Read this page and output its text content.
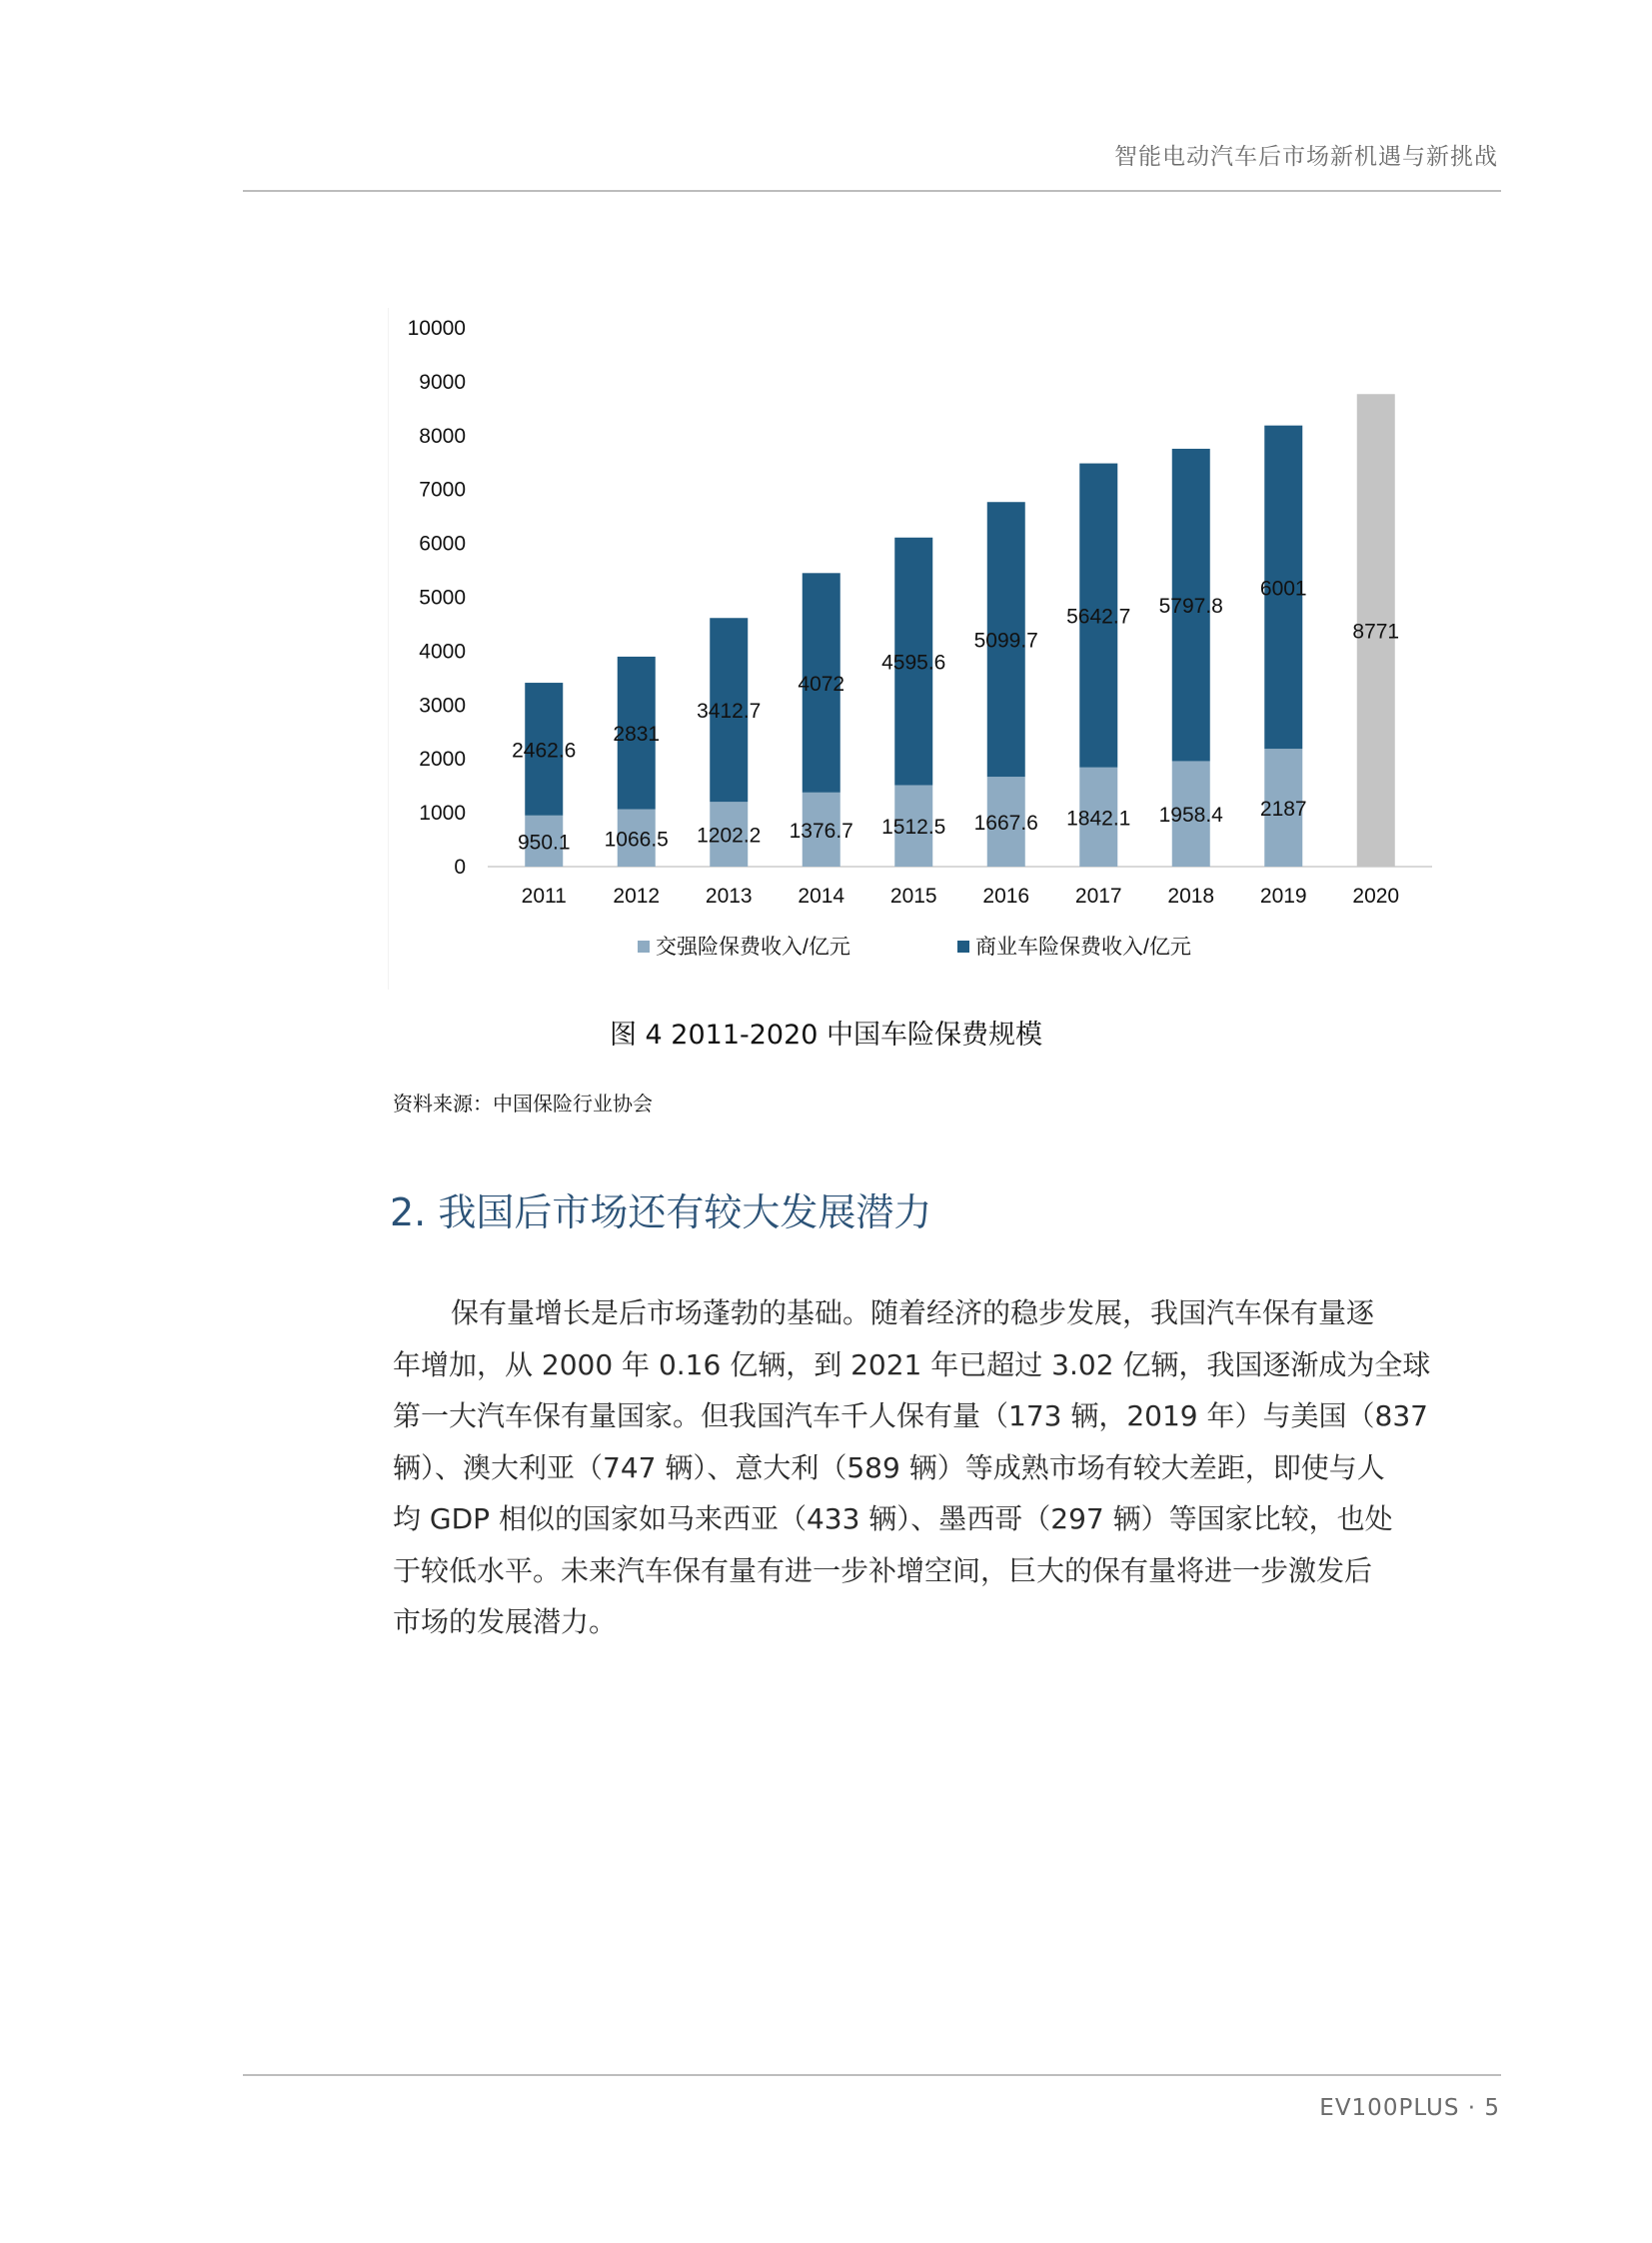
智能电动汽车后市场新机遇与新挑战
0
1000
2000
3000
4000
5000
6000
7000
8000
9000
10000
950.1
2462.6
2011
1066.5
2831
2012
1202.2
3412.7
2013
1376.7
4072
2014
1512.5
4595.6
2015
1667.6
5099.7
2016
1842.1
5642.7
2017
1958.4
5797.8
2018
2187
6001
2019
8771
2020
交强险保费收入/亿元	商业车险保费收入/亿元
图 4 2011-2020 中国车险保费规模
资料来源：中国保险行业协会
2. 我国后市场还有较大发展潜力

保有量增长是后市场蓬勃的基础。随着经济的稳步发展，我国汽车保有量逐
年增加，从 2000 年 0.16 亿辆，到 2021 年已超过 3.02 亿辆，我国逐渐成为全球
第一大汽车保有量国家。但我国汽车千人保有量（173 辆，2019 年）与美国（837
辆）、澳大利亚（747 辆）、意大利（589 辆）等成熟市场有较大差距，即使与人
均 GDP 相似的国家如马来西亚（433 辆）、墨西哥（297 辆）等国家比较，也处
于较低水平。未来汽车保有量有进一步补增空间，巨大的保有量将进一步激发后
市场的发展潜力。

EV100PLUS · 5
